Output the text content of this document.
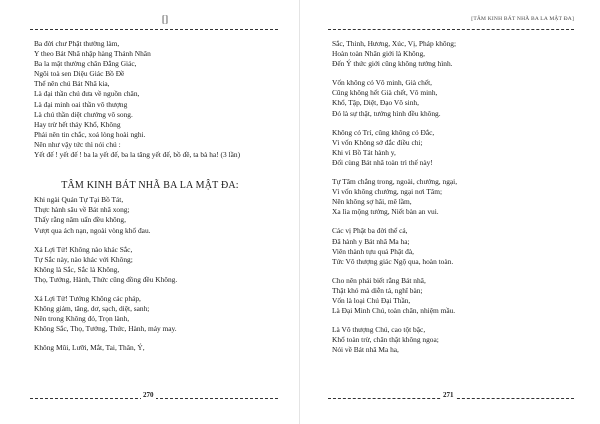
[]
Ba đời chư Phật thường làm,
Y theo Bát Nhã nhập hàng Thánh Nhân
Ba la mật thường chân Đẳng Giác,
Ngôi toà sen Diệu Giác Bồ Đề
Thể nên chú Bát Nhã kia,
Là đại thần chú đưa về nguồn chân,
Là đại minh oai thần vô thượng
Là chú thần diệt chướng vô song.
Hay trừ hết thảy Khổ, Không
Phải nên tin chắc, xoá lòng hoài nghi.
Nên như vậy tức thì nói chú :
Yết đế ! yết đế ! ba la yết đế, ba la tăng yết đế, bồ đề, ta bà ha! (3 lần)
TÂM KINH BÁT NHÃ BA LA MẬT ĐA:
Khi ngài Quán Tự Tại Bồ Tát,
Thực hành sâu về Bát nhã xong;
Thấy rằng năm uẩn đều không,
Vượt qua ách nạn, ngoài vòng khổ đau.
Xá Lợi Tử! Không nào khác Sắc,
Tự Sắc này, nào khác với Không;
Không là Sắc, Sắc là Không,
Thọ, Tưởng, Hành, Thức cũng đồng đều Không.
Xá Lợi Tử! Tướng Không các pháp,
Không giảm, tăng, dơ, sạch, diệt, sanh;
Nên trong Không đó, Trọn lành,
Không Sắc, Thọ, Tưởng, Thức, Hành, mảy may.
Không Mũi, Lưỡi, Mắt, Tai, Thân, Ý,
270
[TÂM KINH BÁT NHÃ BA LA MẬT ĐA]
Sắc, Thinh, Hương, Xúc, Vị, Pháp không;
Hoàn toàn Nhãn giới là Không,
Đến Ý thức giới cũng không tướng hình.
Vốn không có Vô minh, Già chết,
Cũng không hết Già chết, Vô minh,
Khổ, Tập, Diệt, Đạo Vô sinh,
Đó là sự thật, tướng hình đều không.
Không có Trí, cũng không có Đắc,
Vì vốn Không sở đắc điều chi;
Khi vì Bồ Tát hành y,
Đối cùng Bát nhã toàn trì thế này!
Tự Tâm chẳng trong, ngoài, chướng, ngại,
Vì vốn không chướng, ngại nơi Tâm;
Nên không sợ hãi, mê lầm,
Xa lìa mộng tưởng, Niết bàn an vui.
Các vị Phật ba đời thể cả,
Đã hành y Bát nhã Ma ha;
Viên thành tựu quả Phật đà,
Tức Vô thượng giác Ngộ qua, hoàn toàn.
Cho nên phải biết rằng Bát nhã,
Thật khó mà diễn tả, nghĩ bàn;
Vốn là loại Chú Đại Thần,
Là Đại Minh Chú, toàn chân, nhiệm mầu.
Là Vô thượng Chú, cao tột bậc,
Khổ toàn trừ, chân thật không ngoa;
Nói về Bát nhã Ma ha,
271
